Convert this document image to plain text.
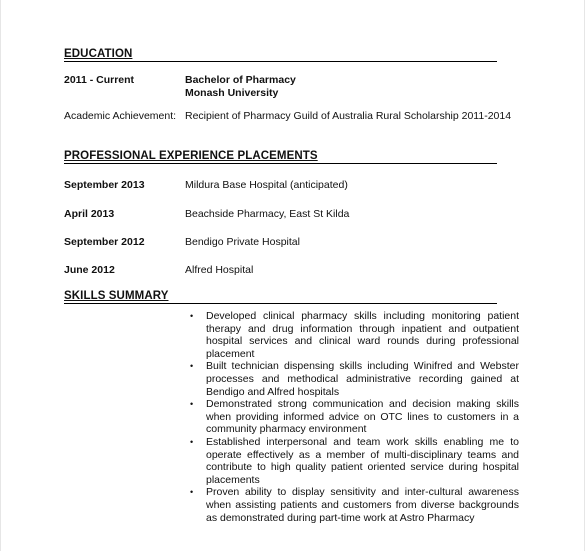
EDUCATION
2011 - Current	Bachelor of Pharmacy
Monash University
Academic Achievement: Recipient of Pharmacy Guild of Australia Rural Scholarship 2011-2014
PROFESSIONAL EXPERIENCE PLACEMENTS
September 2013	Mildura Base Hospital (anticipated)
April 2013	Beachside Pharmacy, East St Kilda
September 2012	Bendigo Private Hospital
June 2012	Alfred Hospital
SKILLS SUMMARY
• Developed clinical pharmacy skills including monitoring patient therapy and drug information through inpatient and outpatient hospital services and clinical ward rounds during professional placement
• Built technician dispensing skills including Winifred and Webster processes and methodical administrative recording gained at Bendigo and Alfred hospitals
• Demonstrated strong communication and decision making skills when providing informed advice on OTC lines to customers in a community pharmacy environment
• Established interpersonal and team work skills enabling me to operate effectively as a member of multi-disciplinary teams and contribute to high quality patient oriented service during hospital placements
• Proven ability to display sensitivity and inter-cultural awareness when assisting patients and customers from diverse backgrounds as demonstrated during part-time work at Astro Pharmacy
